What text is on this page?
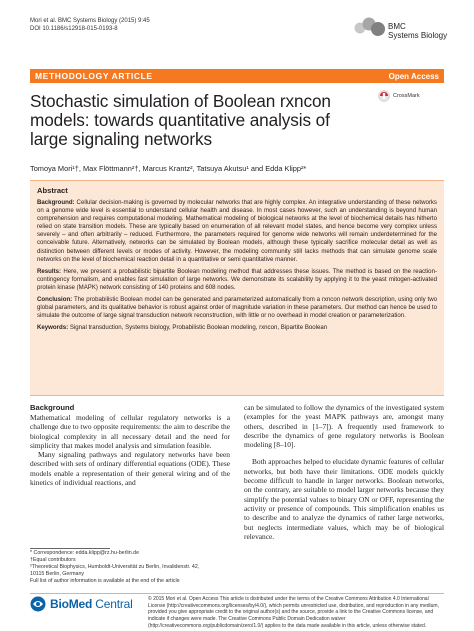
Mori et al. BMC Systems Biology (2015) 9:45
DOI 10.1186/s12918-015-0193-8	BMC
Systems Biology
METHODOLOGY ARTICLE	Open Access
Stochastic simulation of Boolean rxncon models: towards quantitative analysis of large signaling networks
CrossMark
Tomoya Mori¹†, Max Flöttmann²†, Marcus Krantz², Tatsuya Akutsu¹ and Edda Klipp²*
Abstract

Background: Cellular decision-making is governed by molecular networks that are highly complex. An integrative understanding of these networks on a genome wide level is essential to understand cellular health and disease. In most cases however, such an understanding is beyond human comprehension and requires computational modeling. Mathematical modeling of biological networks at the level of biochemical details has hitherto relied on state transition models. These are typically based on enumeration of all relevant model states, and hence become very complex unless severely – and often arbitrarily – reduced. Furthermore, the parameters required for genome wide networks will remain underdetermined for the conceivable future. Alternatively, networks can be simulated by Boolean models, although these typically sacrifice molecular detail as well as distinction between different levels or modes of activity. However, the modeling community still lacks methods that can simulate genome scale networks on the level of biochemical reaction detail in a quantitative or semi quantitative manner.

Results: Here, we present a probabilistic bipartite Boolean modeling method that addresses these issues. The method is based on the reaction-contingency formalism, and enables fast simulation of large networks. We demonstrate its scalability by applying it to the yeast mitogen-activated protein kinase (MAPK) network consisting of 140 proteins and 608 nodes.

Conclusion: The probabilistic Boolean model can be generated and parameterized automatically from a rxncon network description, using only two global parameters, and its qualitative behavior is robust against order of magnitude variation in these parameters. Our method can hence be used to simulate the outcome of large signal transduction network reconstruction, with little or no overhead in model creation or parameterization.

Keywords: Signal transduction, Systems biology, Probabilistic Boolean modeling, rxncon, Bipartite Boolean
Background

Mathematical modeling of cellular regulatory networks is a challenge due to two opposite requirements: the aim to describe the biological complexity in all necessary detail and the need for simplicity that makes model analysis and simulation feasible.

Many signaling pathways and regulatory networks have been described with sets of ordinary differential equations (ODE). These models enable a representation of their general wiring and of the kinetics of individual reactions, and

can be simulated to follow the dynamics of the investigated system (examples for the yeast MAPK pathways are, amongst many others, described in [1–7]). A frequently used framework to describe the dynamics of gene regulatory networks is Boolean modeling [8–10].

Both approaches helped to elucidate dynamic features of cellular networks, but both have their limitations. ODE models quickly become difficult to handle in larger networks. Boolean networks, on the contrary, are suitable to model larger networks because they simplify the potential values to binary ON or OFF, representing the activity or presence of compounds. This simplification enables us to describe and to analyze the dynamics of rather large networks, but neglects intermediate values, which may be of biological relevance.

* Correspondence: edda.klipp@rz.hu-berlin.de
†Equal contributors
²Theoretical Biophysics, Humboldt-Universität zu Berlin, Invalidenstr. 42,
10115 Berlin, Germany
Full list of author information is available at the end of the article
BioMed Central	© 2015 Mori et al. Open Access This article is distributed under the terms of the Creative Commons Attribution 4.0 International License (http://creativecommons.org/licenses/by/4.0/), which permits unrestricted use, distribution, and reproduction in any medium, provided you give appropriate credit to the original author(s) and the source, provide a link to the Creative Commons license, and indicate if changes were made. The Creative Commons Public Domain Dedication waiver (http://creativecommons.org/publicdomain/zero/1.0/) applies to the data made available in this article, unless otherwise stated.
